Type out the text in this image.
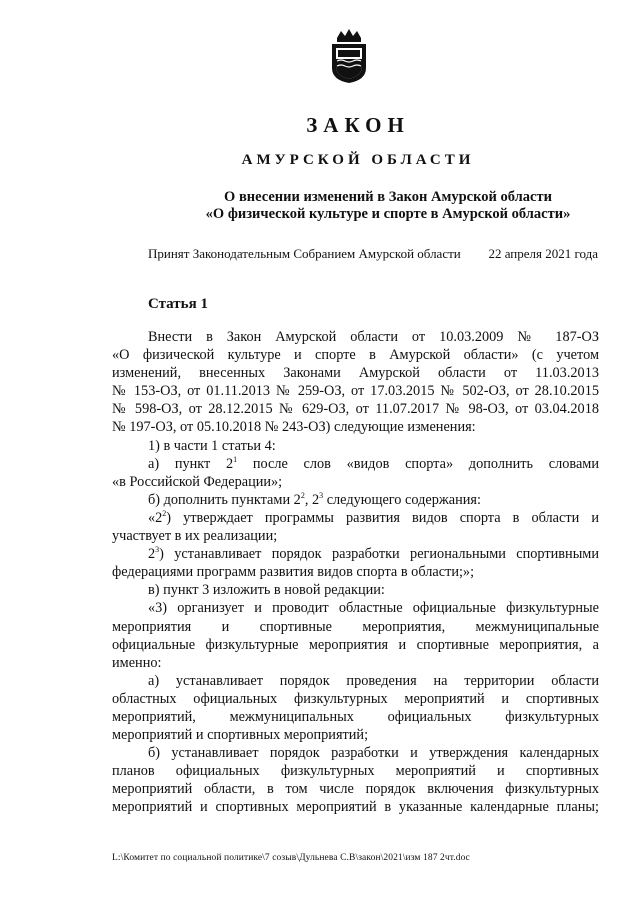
ЗАКОН
АМУРСКОЙ ОБЛАСТИ
О внесении изменений в Закон Амурской области
«О физической культуре и спорте в Амурской области»
Принят Законодательным Собранием Амурской области 22 апреля 2021 года
Статья 1

Внести в Закон Амурской области от 10.03.2009 № 187-ОЗ

«О физической культуре и спорте в Амурской области» (с учетом

изменений, внесенных Законами Амурской области от 11.03.2013

№ 153-ОЗ, от 01.11.2013 № 259-ОЗ, от 17.03.2015 № 502-ОЗ, от 28.10.2015

№ 598-ОЗ, от 28.12.2015 № 629-ОЗ, от 11.07.2017 № 98-ОЗ, от 03.04.2018

№ 197-ОЗ, от 05.10.2018 № 243-ОЗ) следующие изменения:

1) в части 1 статьи 4:

а) пункт $2^1$ после слов «видов спорта» дополнить словами

«в Российской Федерации»;

б) дополнить пунктами $2^2$, $2^3$ следующего содержания:

«$2^2$) утверждает программы развития видов спорта в области и

участвует в их реализации;

$2^3$) устанавливает порядок разработки региональными спортивными

федерациями программ развития видов спорта в области;»;

в) пункт 3 изложить в новой редакции:

«3) организует и проводит областные официальные физкультурные

мероприятия и спортивные мероприятия, межмуниципальные

официальные физкультурные мероприятия и спортивные мероприятия, а

именно:

а) устанавливает порядок проведения на территории области

областных официальных физкультурных мероприятий и спортивных

мероприятий, межмуниципальных официальных физкультурных

мероприятий и спортивных мероприятий;

б) устанавливает порядок разработки и утверждения календарных

планов официальных физкультурных мероприятий и спортивных

мероприятий области, в том числе порядок включения физкультурных

мероприятий и спортивных мероприятий в указанные календарные планы;

L:\Комитет по социальной политике\7 созыв\Дульнева С.В\закон\2021\изм 187 2чт.doc
